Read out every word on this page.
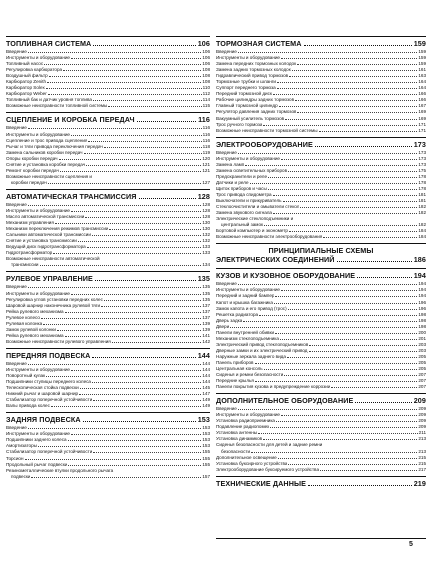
ТОПЛИВНАЯ СИСТЕМА	106
Введение	106
Инструменты и оборудование	106
Топливный насос	106
Регулировка карбюратора	108
Воздушный фильтр	108
Карбюратор Zenith	108
Карбюратор Solex	110
Карбюратор Weber	112
Топливный бак и датчик уровня топлива	114
Возможные неисправности топливной системы	115
СЦЕПЛЕНИЕ И КОРОБКА ПЕРЕДАЧ	116
Введение	116
Инструменты и оборудование	116
Сцепление и трос привода сцепления	116
Рычаг и тяги привода переключения передач	118
Замена сальников коробки передач	119
Опоры коробки передач	120
Снятие и установка коробки передач	121
Ремонт коробки передач	121
Возможные неисправности сцепления и
коробки передач	127
АВТОМАТИЧЕСКАЯ ТРАНСМИССИЯ	128
Введение	128
Инструменты и оборудование	128
Масло автоматической трансмиссии	128
Механизм управления	130
Механизм переключения режимов трансмиссии	130
Сальники автоматической трансмиссии	132
Снятие и установка трансмиссии	132
Ведущий диск гидротрансформатора	133
Гидротрансформатор	133
Возможные неисправности автоматической
трансмиссии	134
РУЛЕВОЕ УПРАВЛЕНИЕ	135
Введение	135
Инструменты и оборудование	135
Регулировка углов установки передних колес	135
Шаровой шарнир наконечника рулевой тяги	137
Рейка рулевого механизма	137
Рулевое колесо	137
Рулевая колонка	139
Замок рулевой колонки	139
Рейка рулевого механизма	141
Возможные неисправности рулевого управления	142
ПЕРЕДНЯЯ ПОДВЕСКА	144
Введение	144
Инструменты и оборудование	144
Поворотный кулак	144
Подшипники ступицы переднего колеса	144
Телескопическая стойка подвески	145
Нижний рычаг и шаровой шарнир	147
Стабилизатор поперечной устойчивости	149
Валы привода колес	149
ЗАДНЯЯ ПОДВЕСКА	153
Введение	153
Инструменты и оборудование	153
Подшипники заднего колеса	153
Амортизаторы	153
Стабилизатор поперечной устойчивости	155
Торсион	155
Продольный рычаг подвески	155
Резинометаллические втулки продольного рычага
подвески	157
ТОРМОЗНАЯ СИСТЕМА	159
Введение	159
Инструменты и оборудование	159
Замена передних тормозных колодок	159
Замена задних тормозных колодок	161
Гидравлический привод тормозов	163
Тормозные трубки и шланги	164
Суппорт переднего тормоза	164
Передний тормозной диск	166
Рабочие цилиндры задних тормозов	166
Главный тормозной цилиндр	167
Регулятор давления задних тормозов	169
Вакуумный усилитель тормозов	169
Трос ручного тормоза	171
Возможные неисправности тормозной системы	171
ЭЛЕКТРООБОРУДОВАНИЕ	173
Введение	173
Инструменты и оборудование	173
Замена ламп	173
Замена осветительных приборов	175
Предохранители и реле	178
Датчики и реле	178
Щиток приборов и часы	178
Трос привода спидометра	181
Выключатели и прикуриватель	181
Стеклоочистители и омыватели стекол	182
Замена звукового сигнала	182
Электрические стеклоподъемники и
центральный замок	182
Бортовой компьютер и эконометр	184
Возможные неисправности электрооборудования	184
ПРИНЦИПИАЛЬНЫЕ СХЕМЫ
ЭЛЕКТРИЧЕСКИХ СОЕДИНЕНИЙ	186
КУЗОВ И КУЗОВНОЕ ОБОРУДОВАНИЕ	194
Введение	194
Инструменты и оборудование	194
Передний и задний бампер	194
Капот и крышка багажника	196
Замок капота и его привод (трос)	196
Решетка радиатора	198
Дверь задка	198
Двери	198
Панели внутренней обивки	200
Механизм стеклоподъемника	201
Электрический привод стеклоподъемников	203
Дверные замки и их электрический привод	203
Наружные зеркала заднего вида	205
Панель приборов	205
Центральная консоль	205
Сиденья и ремни безопасности	207
Передние крылья	207
Панели покрытия кузова и предупреждение коррозии	207
ДОПОЛНИТЕЛЬНОЕ ОБОРУДОВАНИЕ	209
Введение	209
Инструменты и оборудование	209
Установка радиоприемника	209
Подавление радиопомех	209
Установка антенны	211
Установка динамиков	213
Сиденья безопасности для детей и задние ремни
безопасности	213
Дополнительное освещение	215
Установка буксирного устройства	215
Электрооборудование буксируемого устройства	217
ТЕХНИЧЕСКИЕ ДАННЫЕ	219
5
